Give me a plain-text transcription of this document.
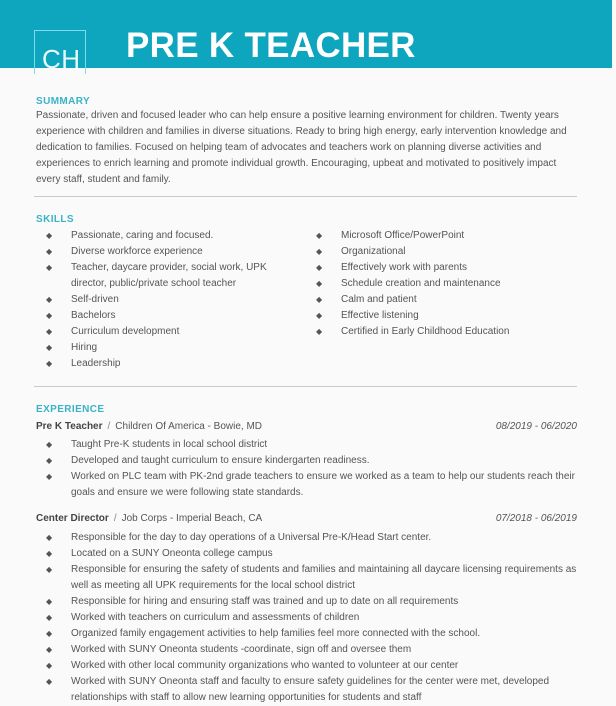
CH PRE K TEACHER
SUMMARY
Passionate, driven and focused leader who can help ensure a positive learning environment for children. Twenty years experience with children and families in diverse situations. Ready to bring high energy, early intervention knowledge and dedication to families. Focused on helping team of advocates and teachers work on planning diverse activities and experiences to enrich learning and promote individual growth. Encouraging, upbeat and motivated to positively impact every staff, student and family.
SKILLS
◆	Passionate, caring and focused.
◆	Diverse workforce experience
◆	Teacher, daycare provider, social work, UPK director, public/private school teacher
◆	Self-driven
◆	Bachelors
◆	Curriculum development
◆	Hiring
◆	Leadership
◆	Microsoft Office/PowerPoint
◆	Organizational
◆	Effectively work with parents
◆	Schedule creation and maintenance
◆	Calm and patient
◆	Effective listening
◆	Certified in Early Childhood Education
EXPERIENCE
Pre K Teacher / Children Of America - Bowie, MD	08/2019 - 06/2020
◆	Taught Pre-K students in local school district
◆	Developed and taught curriculum to ensure kindergarten readiness.
◆	Worked on PLC team with PK-2nd grade teachers to ensure we worked as a team to help our students reach their goals and ensure we were following state standards.
Center Director / Job Corps - Imperial Beach, CA	07/2018 - 06/2019
◆	Responsible for the day to day operations of a Universal Pre-K/Head Start center.
◆	Located on a SUNY Oneonta college campus
◆	Responsible for ensuring the safety of students and families and maintaining all daycare licensing requirements as well as meeting all UPK requirements for the local school district
◆	Responsible for hiring and ensuring staff was trained and up to date on all requirements
◆	Worked with teachers on curriculum and assessments of children
◆	Organized family engagement activities to help families feel more connected with the school.
◆	Worked with SUNY Oneonta students -coordinate, sign off and oversee them
◆	Worked with other local community organizations who wanted to volunteer at our center
◆	Worked with SUNY Oneonta staff and faculty to ensure safety guidelines for the center were met, developed relationships with staff to allow new learning opportunities for students and staff
